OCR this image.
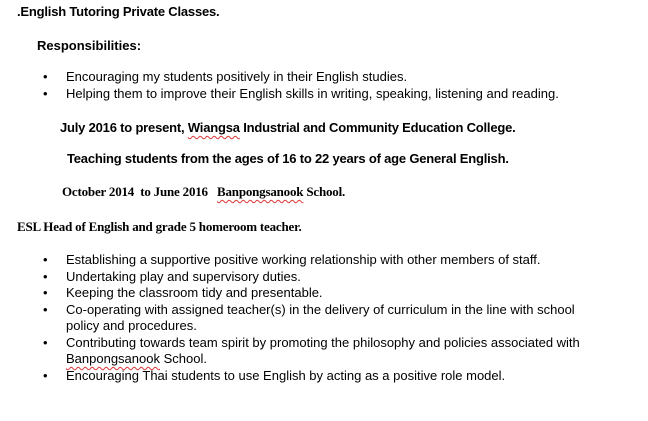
.English Tutoring Private Classes.
Responsibilities:
• Encouraging my students positively in their English studies.
• Helping them to improve their English skills in writing, speaking, listening and reading.
July 2016 to present, Wiangsa Industrial and Community Education College.
Teaching students from the ages of 16 to 22 years of age General English.
October 2014  to June 2016   Banpongsanook School.
ESL Head of English and grade 5 homeroom teacher.
• Establishing a supportive positive working relationship with other members of staff.
• Undertaking play and supervisory duties.
• Keeping the classroom tidy and presentable.
• Co-operating with assigned teacher(s) in the delivery of curriculum in the line with school
policy and procedures.
• Contributing towards team spirit by promoting the philosophy and policies associated with
Banpongsanook School.
• Encouraging Thai students to use English by acting as a positive role model.
